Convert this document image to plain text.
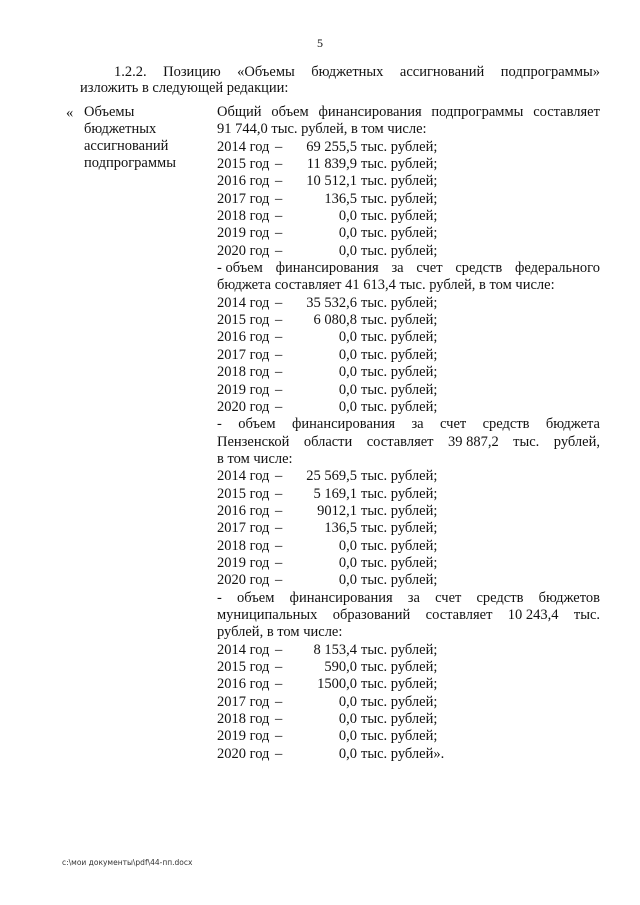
5
1.2.2. Позицию «Объемы бюджетных ассигнований подпрограммы»
изложить в следующей редакции:
« Объемы
бюджетных
ассигнований
подпрограммы
Общий объем финансирования подпрограммы составляет
91 744,0 тыс. рублей, в том числе:
2014 год –	69 255,5 тыс. рублей;
2015 год –	11 839,9 тыс. рублей;
2016 год –	10 512,1 тыс. рублей;
2017 год –	136,5 тыс. рублей;
2018 год –	0,0 тыс. рублей;
2019 год –	0,0 тыс. рублей;
2020 год –	0,0 тыс. рублей;
- объем финансирования за счет средств федерального
бюджета составляет 41 613,4 тыс. рублей, в том числе:
2014 год –	35 532,6 тыс. рублей;
2015 год –	6 080,8 тыс. рублей;
2016 год –	0,0 тыс. рублей;
2017 год –	0,0 тыс. рублей;
2018 год –	0,0 тыс. рублей;
2019 год –	0,0 тыс. рублей;
2020 год –	0,0 тыс. рублей;
- объем финансирования за счет средств бюджета
Пензенской области составляет 39 887,2 тыс. рублей,
в том числе:
2014 год –	25 569,5 тыс. рублей;
2015 год –	5 169,1 тыс. рублей;
2016 год –	9012,1 тыс. рублей;
2017 год –	136,5 тыс. рублей;
2018 год –	0,0 тыс. рублей;
2019 год –	0,0 тыс. рублей;
2020 год –	0,0 тыс. рублей;
- объем финансирования за счет средств бюджетов
муниципальных образований составляет 10 243,4 тыс.
рублей, в том числе:
2014 год –	8 153,4 тыс. рублей;
2015 год –	590,0 тыс. рублей;
2016 год –	1500,0 тыс. рублей;
2017 год –	0,0 тыс. рублей;
2018 год –	0,0 тыс. рублей;
2019 год –	0,0 тыс. рублей;
2020 год –	0,0 тыс. рублей».
c:\мои документы\pdf\44-пп.docx
